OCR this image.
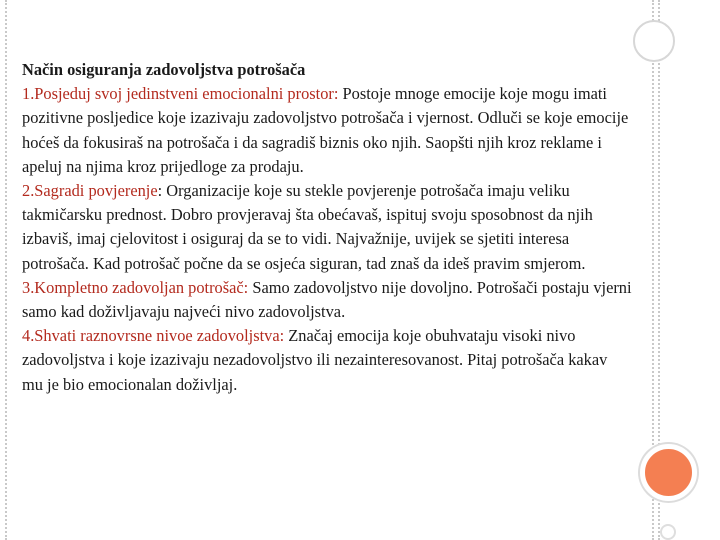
Način osiguranja zadovoljstva potrošača

1.Posjeduj svoj jedinstveni emocionalni prostor: Postoje mnoge emocije koje mogu imati pozitivne posljedice koje izazivaju zadovoljstvo potrošača i vjernost. Odluči se koje emocije hoćeš da fokusiraš na potrošača i da sagradiš biznis oko njih. Saopšti njih kroz reklame i apeluj na njima kroz prijedloge za prodaju.

2.Sagradi povjerenje: Organizacije koje su stekle povjerenje potrošača imaju veliku takmičarsku prednost. Dobro provjeravaj šta obećavaš, ispituj svoju sposobnost da njih izbaviš, imaj cjelovitost i osiguraj da se to vidi. Najvažnije, uvijek se sjetiti interesa potrošača. Kad potrošač počne da se osjeća siguran, tad znaš da ideš pravim smjerom.

3.Kompletno zadovoljan potrošač: Samo zadovoljstvo nije dovoljno. Potrošači postaju vjerni samo kad doživljavaju najveći nivo zadovoljstva.

4.Shvati raznovrsne nivoe zadovoljstva: Značaj emocija koje obuhvataju visoki nivo zadovoljstva i koje izazivaju nezadovoljstvo ili nezainteresovanost. Pitaj potrošača kakav mu je bio emocionalan doživljaj.
